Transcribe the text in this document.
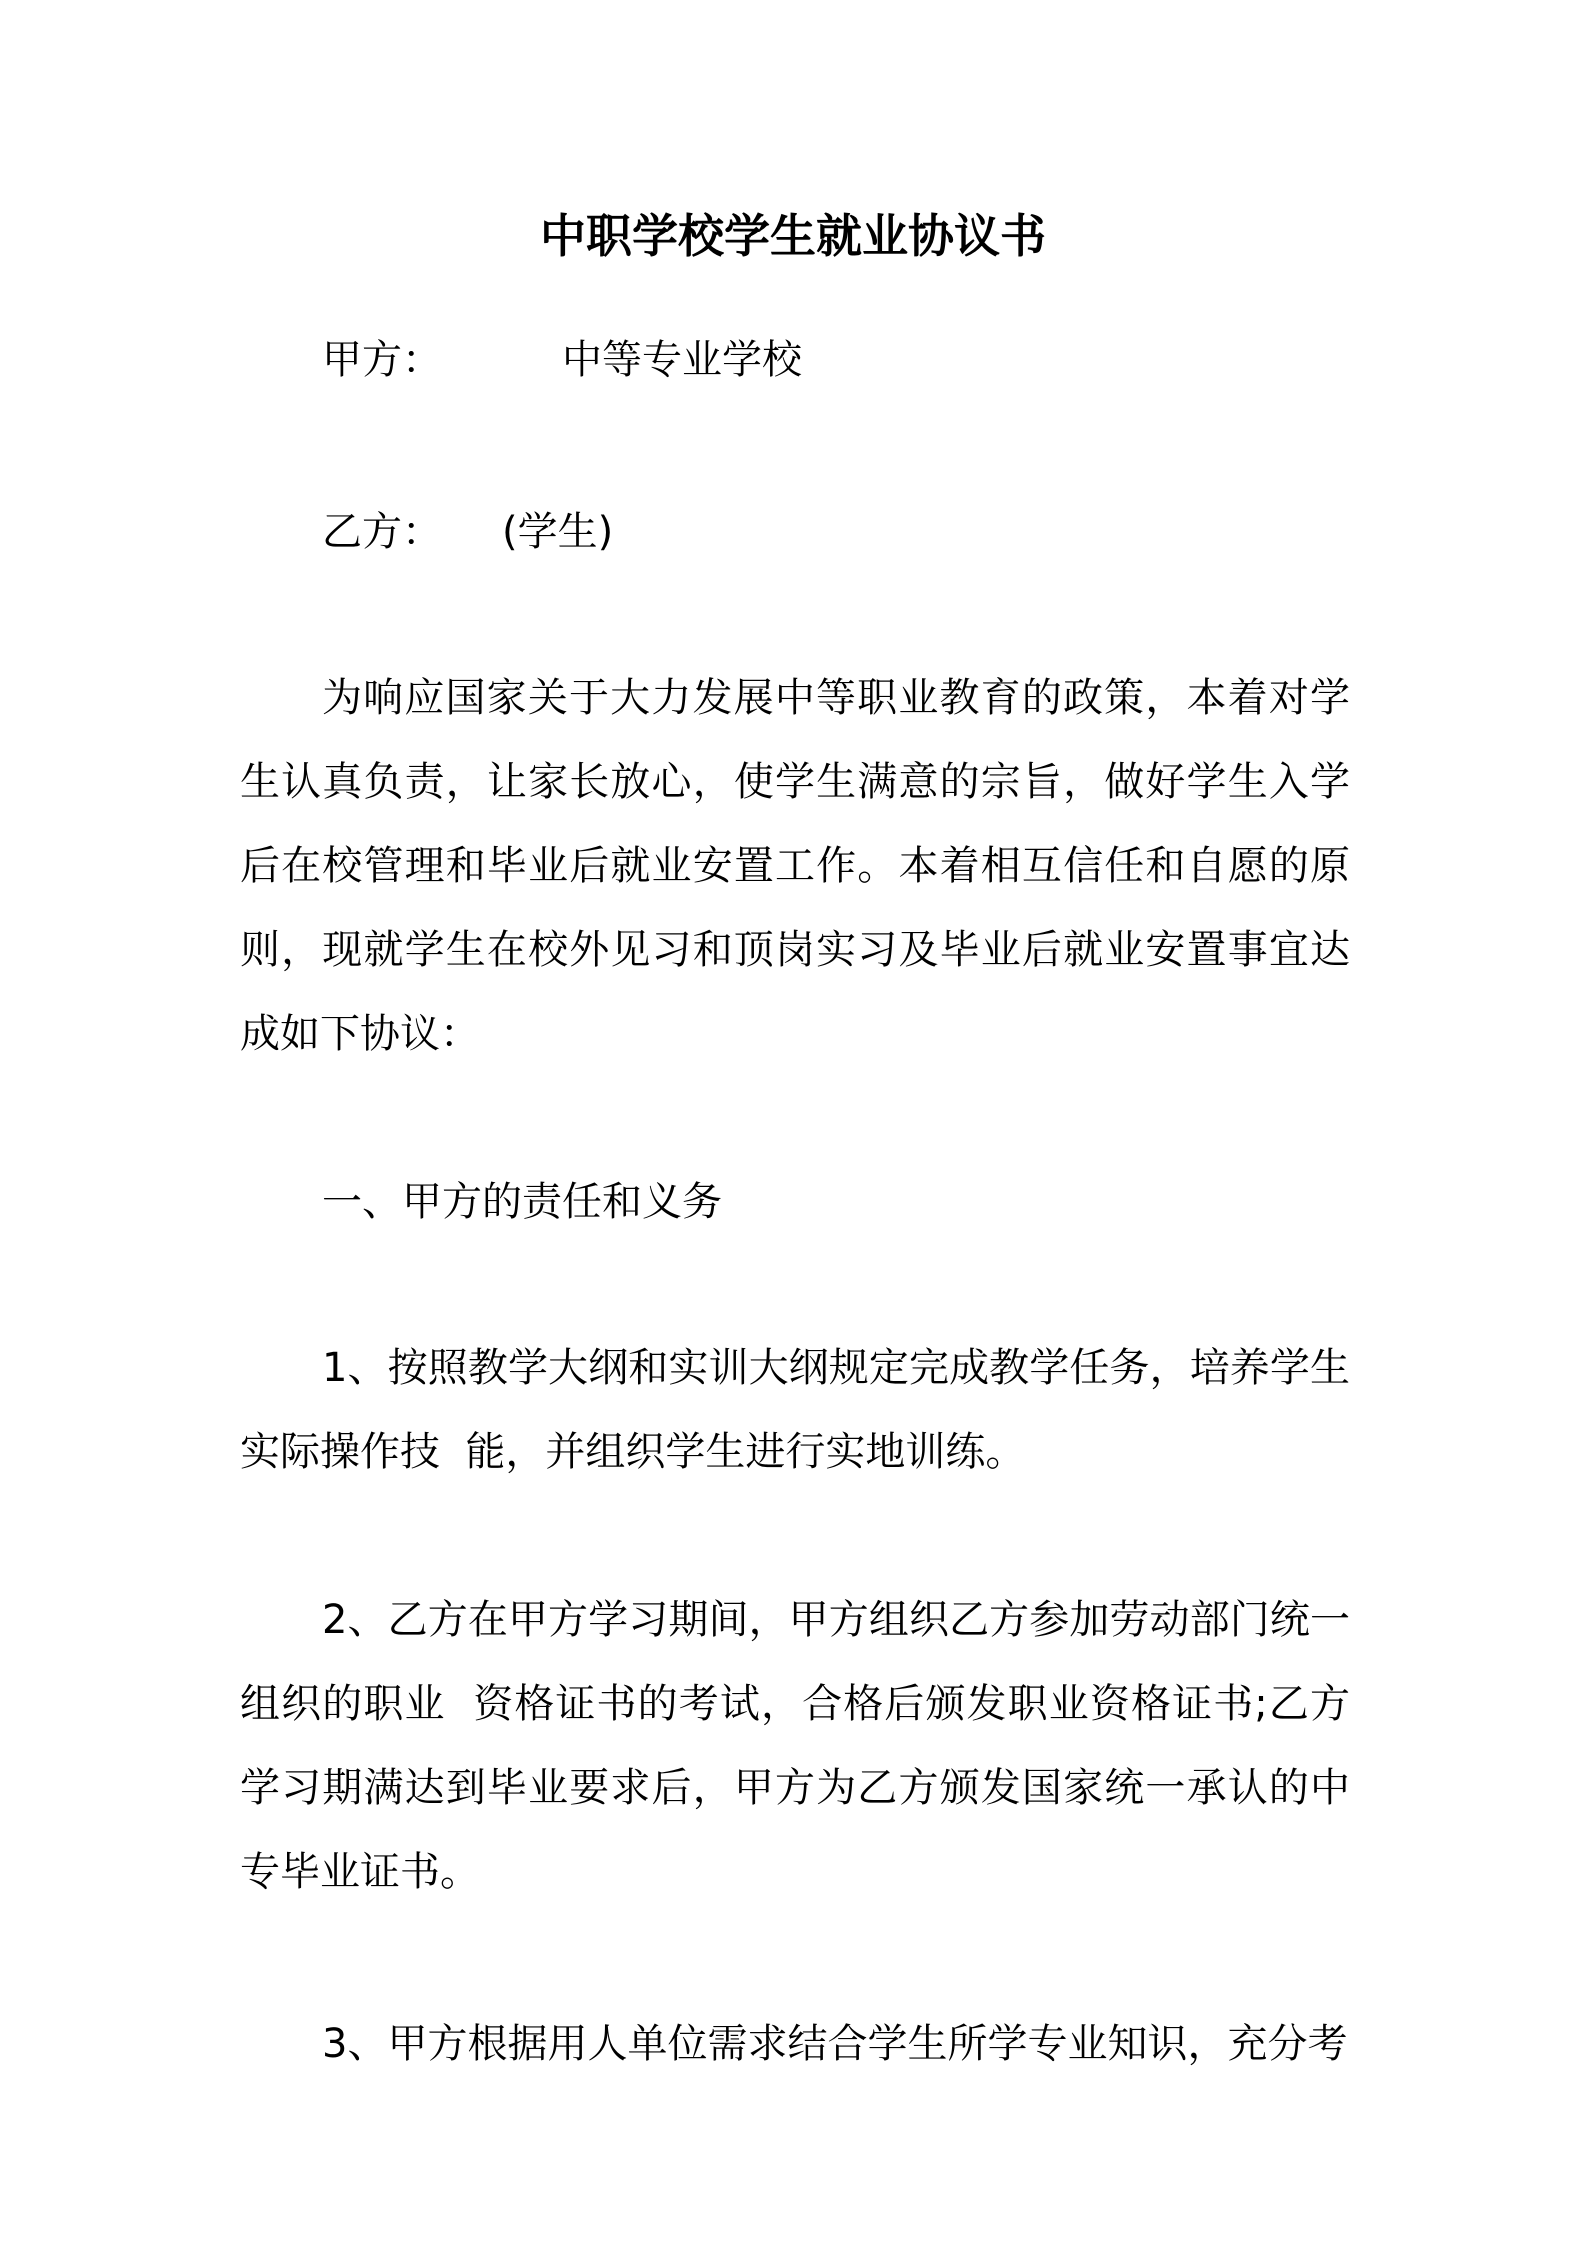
中职学校学生就业协议书
甲方：	中等专业学校
乙方： (学生)
为响应国家关于大力发展中等职业教育的政策，本着对学生认真负责，让家长放心，使学生满意的宗旨，做好学生入学后在校管理和毕业后就业安置工作。本着相互信任和自愿的原则，现就学生在校外见习和顶岗实习及毕业后就业安置事宜达成如下协议：
一、甲方的责任和义务
1、按照教学大纲和实训大纲规定完成教学任务，培养学生实际操作技  能，并组织学生进行实地训练。
2、乙方在甲方学习期间，甲方组织乙方参加劳动部门统一组织的职业  资格证书的考试，合格后颁发职业资格证书;乙方学习期满达到毕业要求后，甲方为乙方颁发国家统一承认的中专毕业证书。
3、甲方根据用人单位需求结合学生所学专业知识，充分考
